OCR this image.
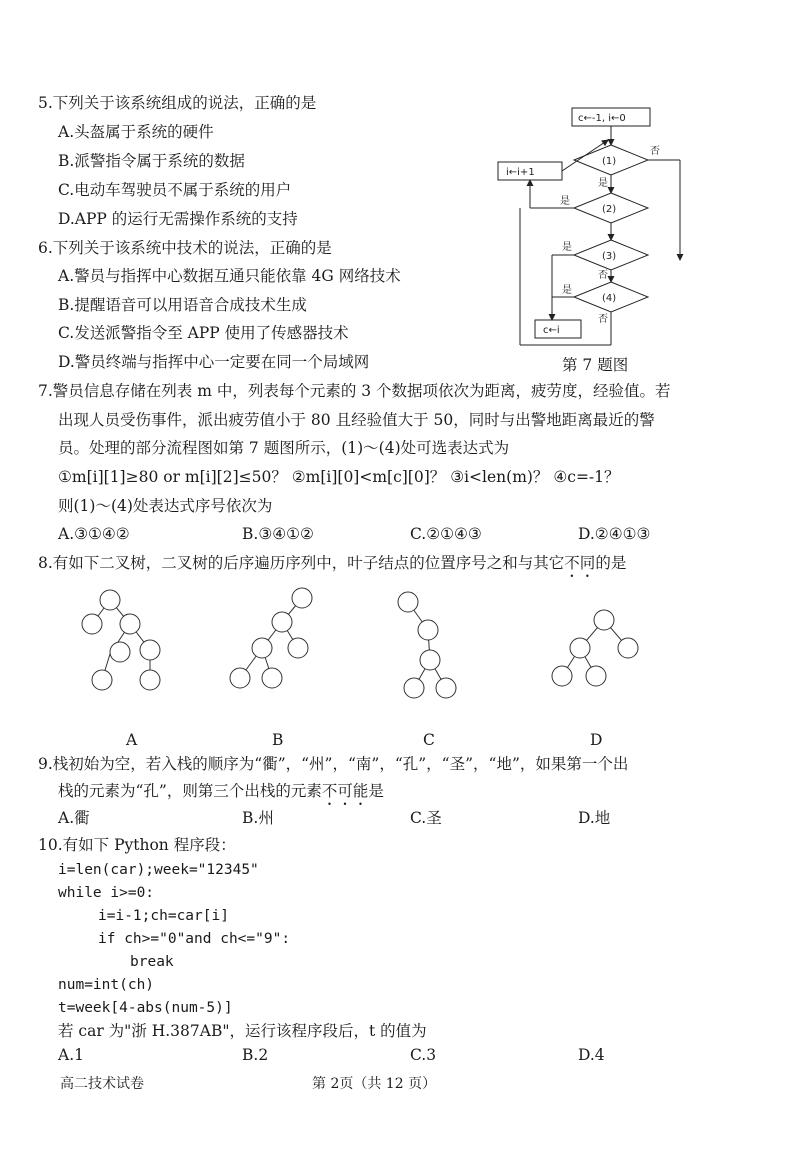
5.下列关于该系统组成的说法，正确的是
A.头盔属于系统的硬件
B.派警指令属于系统的数据
C.电动车驾驶员不属于系统的用户
D.APP 的运行无需操作系统的支持
6.下列关于该系统中技术的说法，正确的是
A.警员与指挥中心数据互通只能依靠 4G 网络技术
B.提醒语音可以用语音合成技术生成
C.发送派警指令至 APP 使用了传感器技术
D.警员终端与指挥中心一定要在同一个局域网
c←-1, i←0
i←i+1
(1)
(2)
(3)
(4)
c←i
否
是
是
是
否
是
否
第 7 题图
7.警员信息存储在列表 m 中，列表每个元素的 3 个数据项依次为距离，疲劳度，经验值。若
出现人员受伤事件，派出疲劳值小于 80 且经验值大于 50，同时与出警地距离最近的警
员。处理的部分流程图如第 7 题图所示，(1)～(4)处可选表达式为
①m[i][1]≥80 or m[i][2]≤50？ ②m[i][0]<m[c][0]？ ③i<len(m)？ ④c=-1？
则(1)～(4)处表达式序号依次为
A.③①④②	B.③④①②	C.②①④③	D.②④①③
8.有如下二叉树，二叉树的后序遍历序列中，叶子结点的位置序号之和与其它不同的是
A	B	C	D
9.栈初始为空，若入栈的顺序为“衢”，“州”，“南”，“孔”，“圣”，“地”，如果第一个出
栈的元素为“孔”，则第三个出栈的元素不可能是
A.衢	B.州	C.圣	D.地
10.有如下 Python 程序段：
i=len(car);week="12345"
while i>=0:
i=i-1;ch=car[i]
if ch>="0"and ch<="9":
break
num=int(ch)
t=week[4-abs(num-5)]
若 car 为"浙 H.387AB"，运行该程序段后，t 的值为
A.1	B.2	C.3	D.4
高二技术试卷	第 2页（共 12 页）
